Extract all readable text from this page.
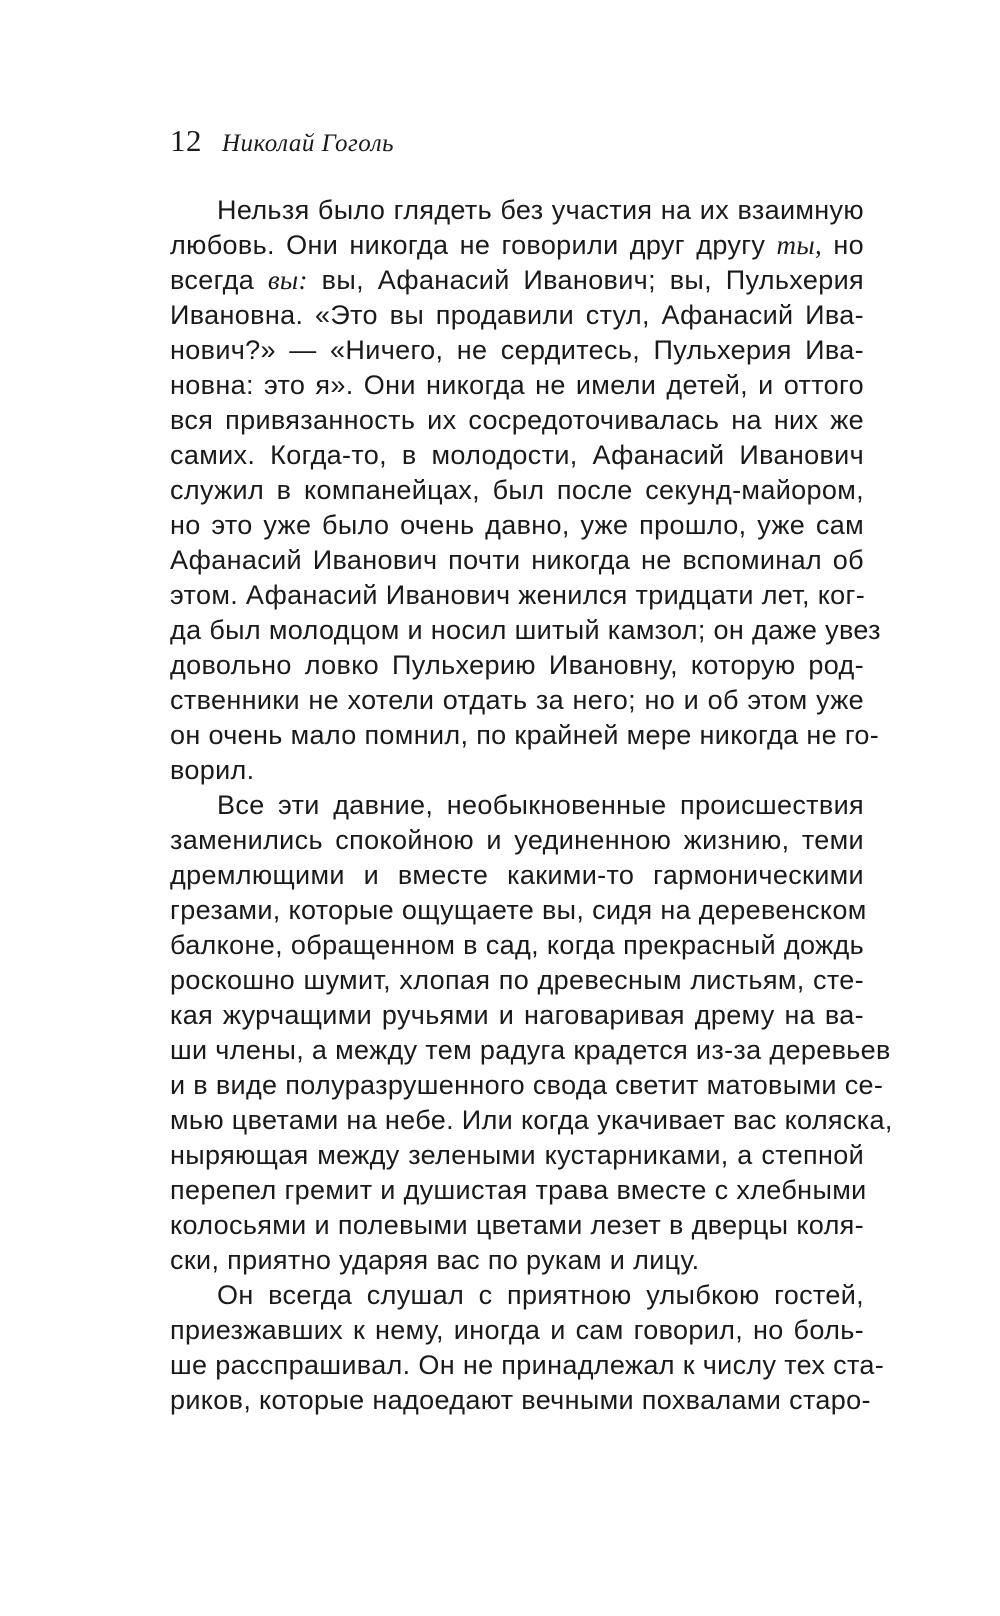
12 Николай Гоголь
Нельзя было глядеть без участия на их взаимную
любовь. Они никогда не говорили друг другу ты, но
всегда вы: вы, Афанасий Иванович; вы, Пульхерия
Ивановна. «Это вы продавили стул, Афанасий Ива-
нович?» — «Ничего, не сердитесь, Пульхерия Ива-
новна: это я». Они никогда не имели детей, и оттого
вся привязанность их сосредоточивалась на них же
самих. Когда-то, в молодости, Афанасий Иванович
служил в компанейцах, был после секунд-майором,
но это уже было очень давно, уже прошло, уже сам
Афанасий Иванович почти никогда не вспоминал об
этом. Афанасий Иванович женился тридцати лет, ког-
да был молодцом и носил шитый камзол; он даже увез
довольно ловко Пульхерию Ивановну, которую род-
ственники не хотели отдать за него; но и об этом уже
он очень мало помнил, по крайней мере никогда не го-
ворил.
Все эти давние, необыкновенные происшествия
заменились спокойною и уединенною жизнию, теми
дремлющими и вместе какими-то гармоническими
грезами, которые ощущаете вы, сидя на деревенском
балконе, обращенном в сад, когда прекрасный дождь
роскошно шумит, хлопая по древесным листьям, сте-
кая журчащими ручьями и наговаривая дрему на ва-
ши члены, а между тем радуга крадется из-за деревьев
и в виде полуразрушенного свода светит матовыми се-
мью цветами на небе. Или когда укачивает вас коляска,
ныряющая между зелеными кустарниками, а степной
перепел гремит и душистая трава вместе с хлебными
колосьями и полевыми цветами лезет в дверцы коля-
ски, приятно ударяя вас по рукам и лицу.
Он всегда слушал с приятною улыбкою гостей,
приезжавших к нему, иногда и сам говорил, но боль-
ше расспрашивал. Он не принадлежал к числу тех ста-
риков, которые надоедают вечными похвалами старо-
